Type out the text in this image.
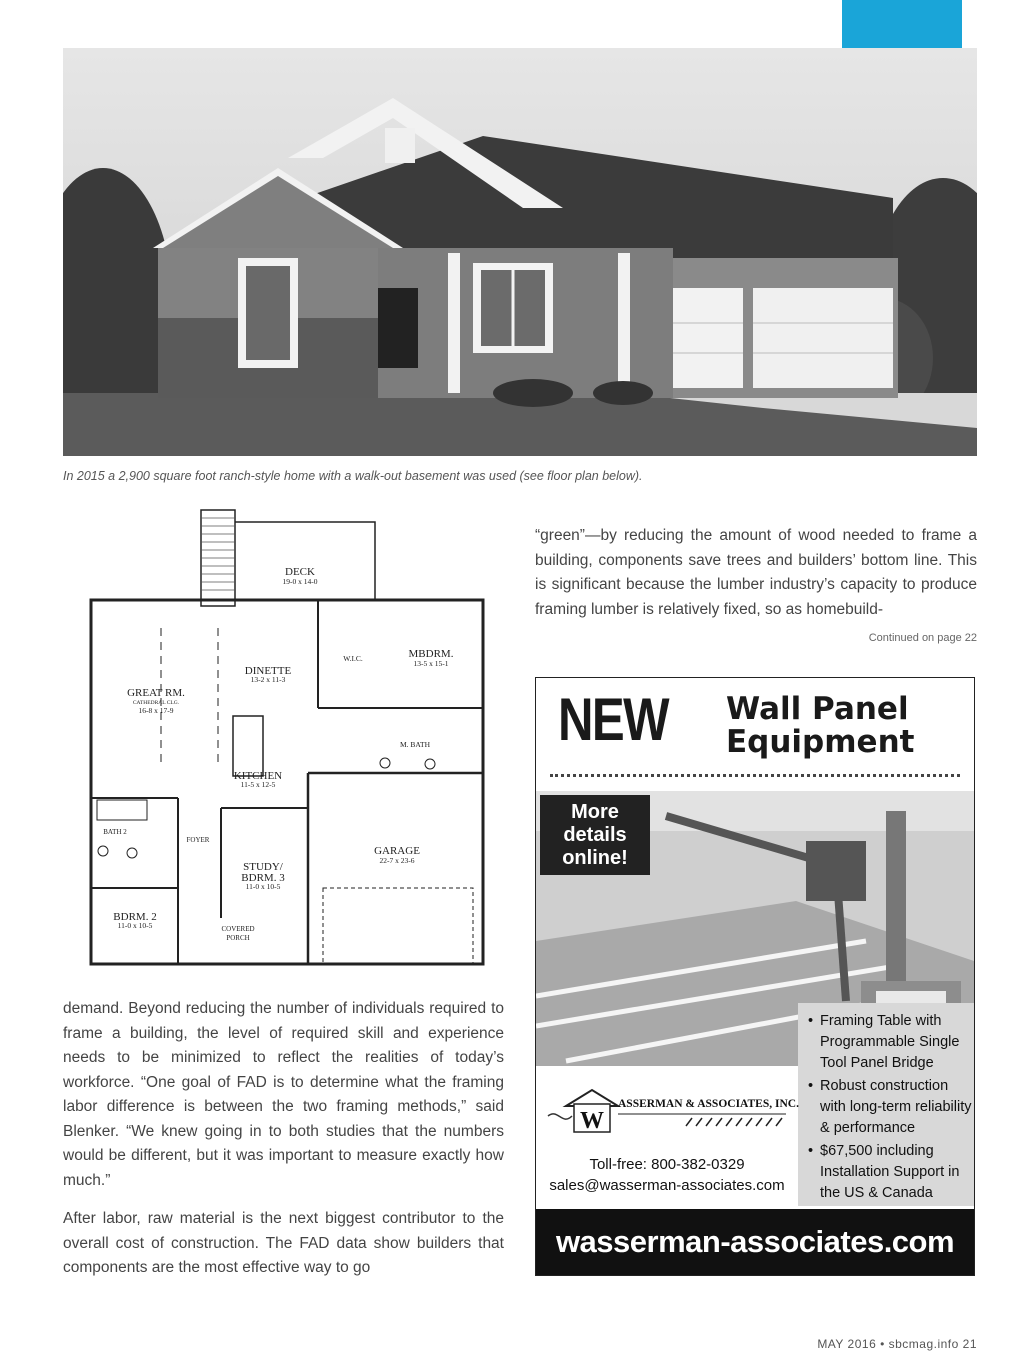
In 2015 a 2,900 square foot ranch-style home with a walk-out basement was used (see floor plan below).
DECK
19-0 x 14-0
DINETTE
13-2 x 11-3
W.I.C.	MBDRM.
13-5 x 15-1
GREAT RM.
CATHEDRAL CLG.
16-8 x 17-9
M. BATH
KITCHEN
11-5 x 12-5
BATH 2
FOYER
GARAGE
22-7 x 23-6
STUDY/
BDRM. 3
11-0 x 10-5
BDRM. 2
11-0 x 10-5	COVERED
PORCH

“green”—by reducing the amount of wood needed to frame a building, components save trees and builders’ bottom line. This is significant because the lumber industry’s capacity to produce framing lumber is relatively fixed, so as homebuild-

Continued on page 22

demand. Beyond reducing the number of individuals required to frame a building, the level of required skill and experience needs to be minimized to reflect the realities of today’s workforce. “One goal of FAD is to determine what the framing labor difference is between the two framing methods,” said Blenker. “We knew going in to both studies that the numbers would be different, but it was important to measure exactly how much.”

After labor, raw material is the next biggest contributor to the overall cost of construction. The FAD data show builders that components are the most effective way to go

NEW Wall Panel
Equipment
More
details
online!
• Framing Table with Programmable Single Tool Panel Bridge
• Robust construction with long-term reliability & performance
• $67,500 including Installation Support in the US & Canada
W
ASSERMAN & ASSOCIATES, INC.
Toll-free: 800-382-0329
sales@wasserman-associates.com
wasserman-associates.com
MAY 2016 • sbcmag.info 21
